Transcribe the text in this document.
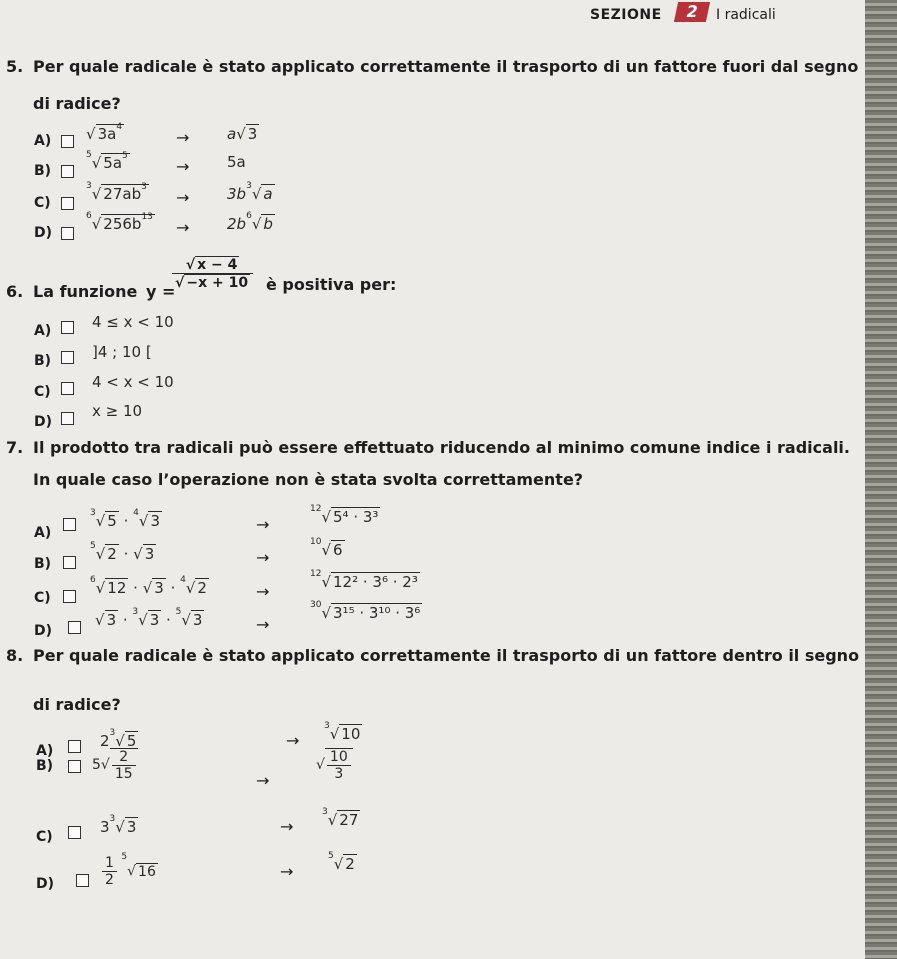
SEZIONE	2	I radicali
5. Per quale radicale è stato applicato correttamente il trasporto di un fattore fuori dal segno
di radice?
A) √ $3a^4$
→	a√ 3
B)
$^5$√ $5a^5$
→	5a
C)
$^3$√ $27ab^3$
→	$3b^3√$ a
D)
$^6$√ $256b^{13}$
→	$2b^6√$ b
6. La funzione y =
$\frac{√ x - 4}{√ -x + 10}$ è positiva per:
A)	4 ≤ x < 10
B)	]4 ; 10 [
C)
4 < x < 10
D)
x ≥ 10
7. Il prodotto tra radicali può essere effettuato riducendo al minimo comune indice i radicali.
In quale caso l’operazione non è stata svolta correttamente?
A)
$^3$√ 5 · $^4$√ 3	→
$^{12}$√ 5⁴ · 3³
B)
$^5$√ 2 · √ 3	→
$^{10}$√ 6
C)
$^6$√ 12 · √ 3 · $^4$√ 2	→
$^{12}$√ 12² · 3⁶ · 2³
D)
√ 3 · $^3$√ 3 · $^5$√ 3	→
$^{30}$√ 3¹⁵ · 3¹⁰ · 3⁶
8. Per quale radicale è stato applicato correttamente il trasporto di un fattore dentro il segno
di radice?
A)
$2^3√$ 5	→
$^3$√ 10
B)	$5√ \frac{2}{15}$	→
√ $\frac{10}{3}$
C)
$3^3√$ 3	→
$^3$√ 27
D)	$\frac{1}{2} ^5√$ 16	→
$^5$√ 2
